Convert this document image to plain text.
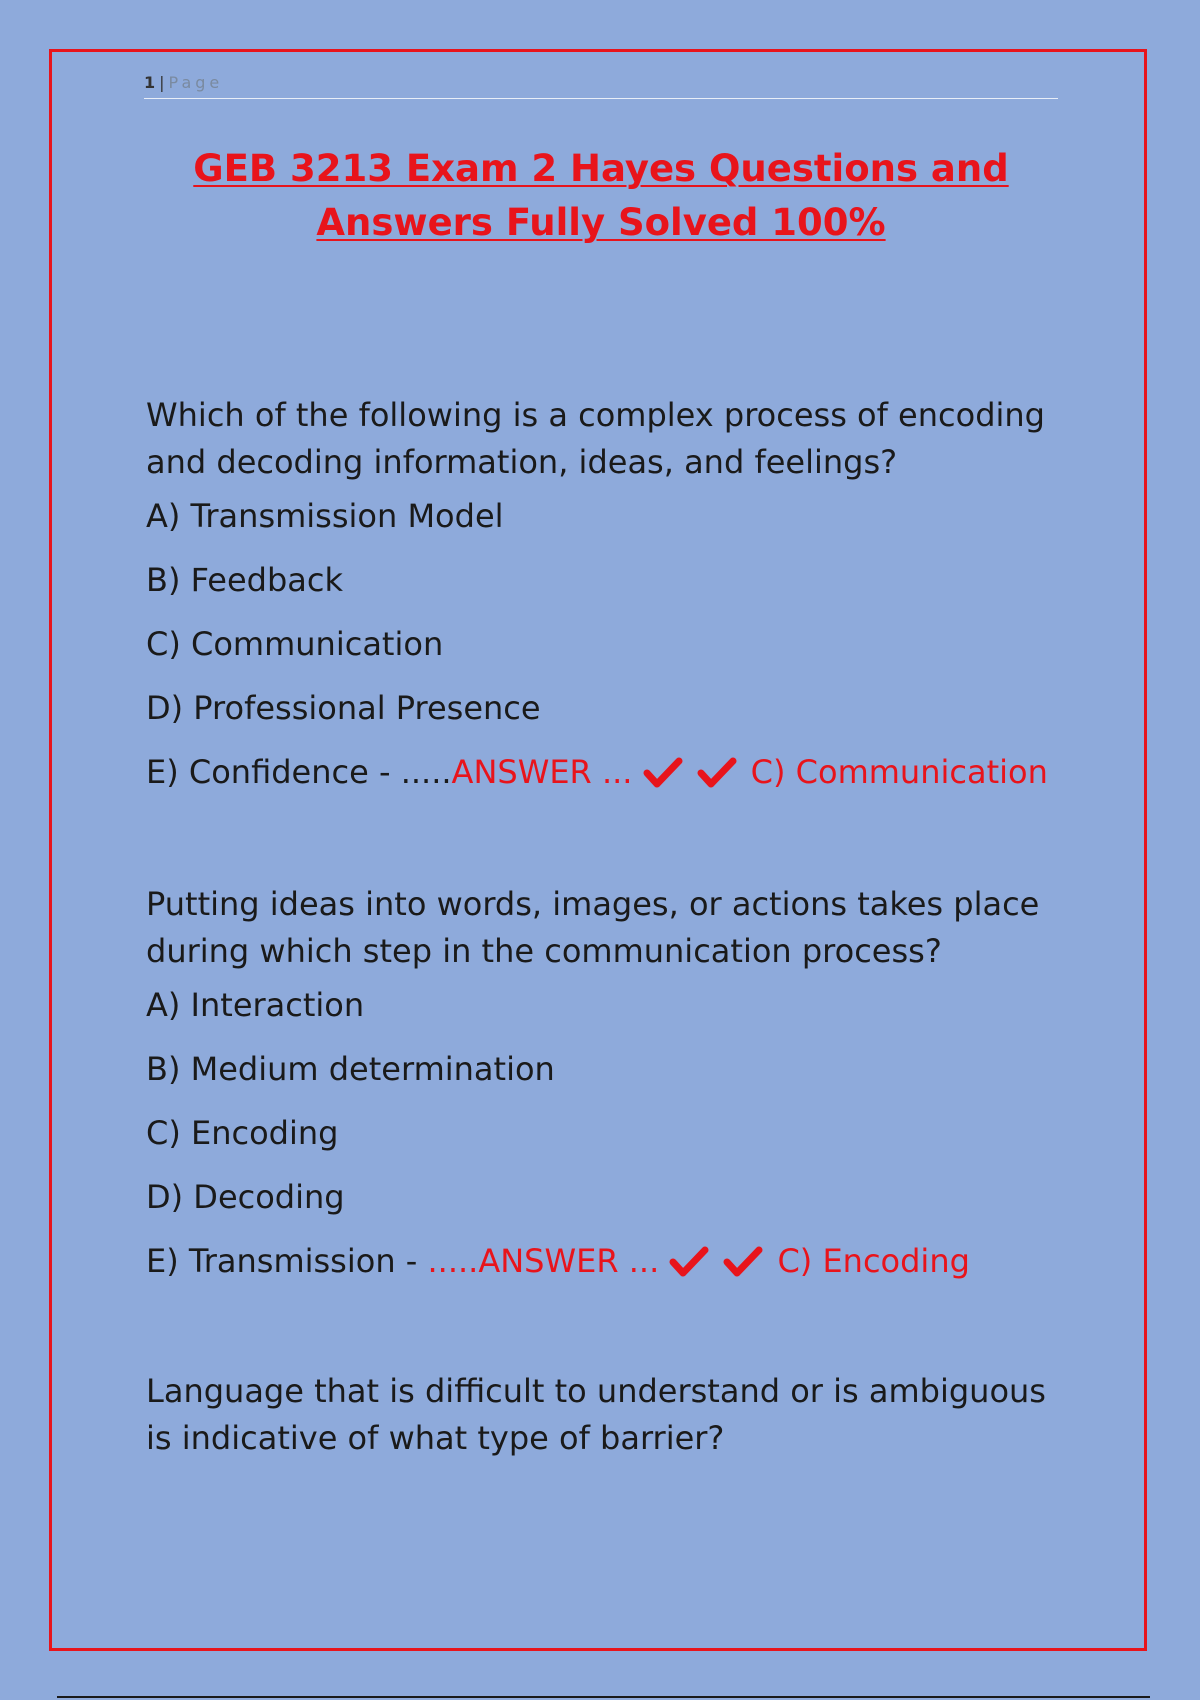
1 | Page
GEB 3213 Exam 2 Hayes Questions and
Answers Fully Solved 100%
Which of the following is a complex process of encoding and decoding information, ideas, and feelings?
A) Transmission Model
B) Feedback
C) Communication
D) Professional Presence
E) Confidence - .....ANSWER ...	C) Communication
Putting ideas into words, images, or actions takes place during which step in the communication process?
A) Interaction
B) Medium determination
C) Encoding
D) Decoding
E) Transmission - .....ANSWER ...	C) Encoding
Language that is difficult to understand or is ambiguous is indicative of what type of barrier?
